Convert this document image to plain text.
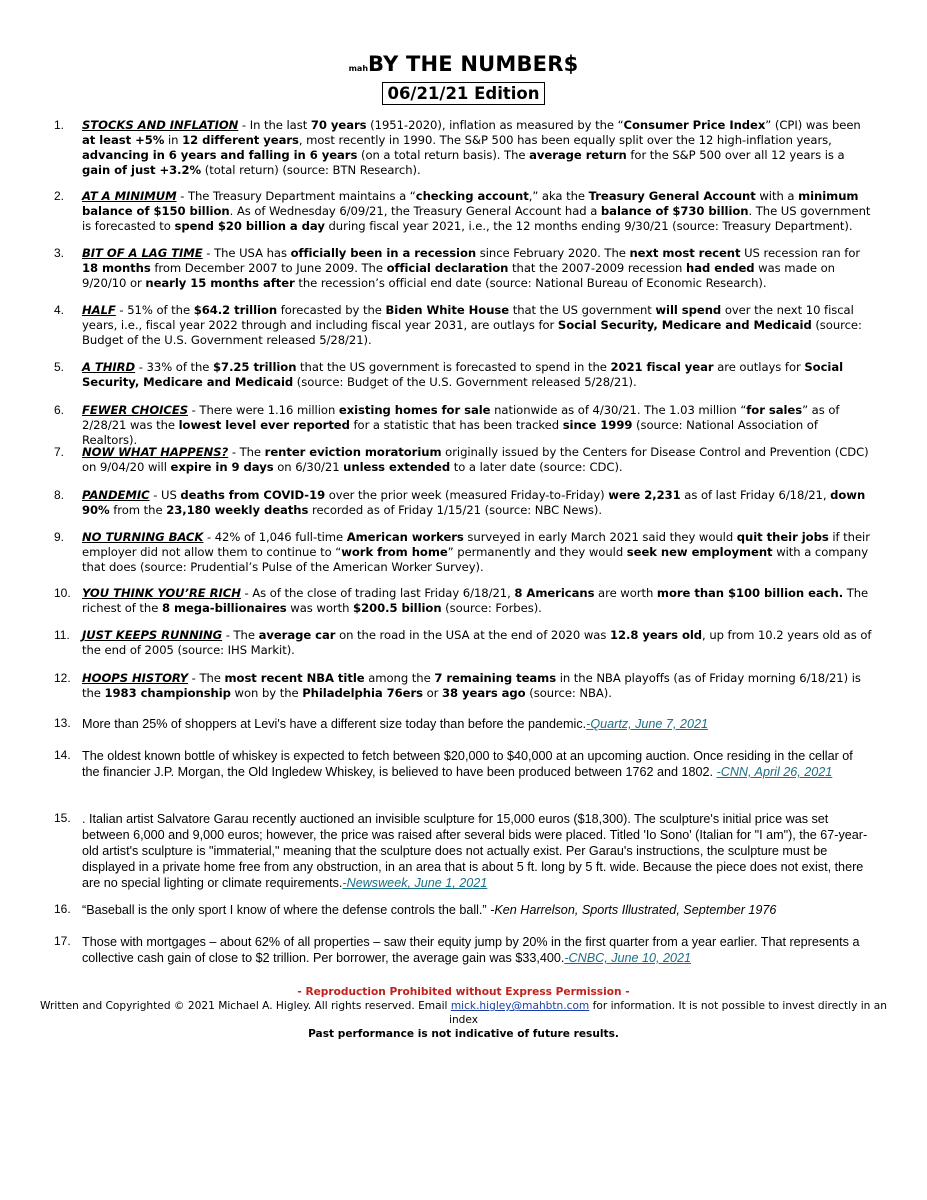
mahBY THE NUMBER$
06/21/21 Edition
1.	STOCKS AND INFLATION - In the last 70 years (1951-2020), inflation as measured by the “Consumer Price Index” (CPI) was been at least +5% in 12 different years, most recently in 1990. The S&P 500 has been equally split over the 12 high-inflation years, advancing in 6 years and falling in 6 years (on a total return basis). The average return for the S&P 500 over all 12 years is a gain of just +3.2% (total return) (source: BTN Research).
2.	AT A MINIMUM - The Treasury Department maintains a “checking account,” aka the Treasury General Account with a minimum balance of $150 billion. As of Wednesday 6/09/21, the Treasury General Account had a balance of $730 billion. The US government is forecasted to spend $20 billion a day during fiscal year 2021, i.e., the 12 months ending 9/30/21 (source: Treasury Department).
3.	BIT OF A LAG TIME - The USA has officially been in a recession since February 2020. The next most recent US recession ran for 18 months from December 2007 to June 2009. The official declaration that the 2007-2009 recession had ended was made on 9/20/10 or nearly 15 months after the recession’s official end date (source: National Bureau of Economic Research).
4.	HALF - 51% of the $64.2 trillion forecasted by the Biden White House that the US government will spend over the next 10 fiscal years, i.e., fiscal year 2022 through and including fiscal year 2031, are outlays for Social Security, Medicare and Medicaid (source: Budget of the U.S. Government released 5/28/21).
5.	A THIRD - 33% of the $7.25 trillion that the US government is forecasted to spend in the 2021 fiscal year are outlays for Social Security, Medicare and Medicaid (source: Budget of the U.S. Government released 5/28/21).
6.	FEWER CHOICES - There were 1.16 million existing homes for sale nationwide as of 4/30/21. The 1.03 million “for sales” as of 2/28/21 was the lowest level ever reported for a statistic that has been tracked since 1999 (source: National Association of Realtors).
7.	NOW WHAT HAPPENS? - The renter eviction moratorium originally issued by the Centers for Disease Control and Prevention (CDC) on 9/04/20 will expire in 9 days on 6/30/21 unless extended to a later date (source: CDC).
8.	PANDEMIC - US deaths from COVID-19 over the prior week (measured Friday-to-Friday) were 2,231 as of last Friday 6/18/21, down 90% from the 23,180 weekly deaths recorded as of Friday 1/15/21 (source: NBC News).
9.	NO TURNING BACK - 42% of 1,046 full-time American workers surveyed in early March 2021 said they would quit their jobs if their employer did not allow them to continue to “work from home” permanently and they would seek new employment with a company that does (source: Prudential’s Pulse of the American Worker Survey).
10. YOU THINK YOU’RE RICH - As of the close of trading last Friday 6/18/21, 8 Americans are worth more than $100 billion each. The richest of the 8 mega-billionaires was worth $200.5 billion (source: Forbes).
11.	JUST KEEPS RUNNING - The average car on the road in the USA at the end of 2020 was 12.8 years old, up from 10.2 years old as of the end of 2005 (source: IHS Markit).
12. HOOPS HISTORY - The most recent NBA title among the 7 remaining teams in the NBA playoffs (as of Friday morning 6/18/21) is the 1983 championship won by the Philadelphia 76ers or 38 years ago (source: NBA).
13. More than 25% of shoppers at Levi's have a different size today than before the pandemic.-Quartz, June 7, 2021
14. The oldest known bottle of whiskey is expected to fetch between $20,000 to $40,000 at an upcoming auction. Once residing in the cellar of the financier J.P. Morgan, the Old Ingledew Whiskey, is believed to have been produced between 1762 and 1802. -CNN, April 26, 2021
15. . Italian artist Salvatore Garau recently auctioned an invisible sculpture for 15,000 euros ($18,300). The sculpture's initial price was set between 6,000 and 9,000 euros; however, the price was raised after several bids were placed. Titled 'Io Sono' (Italian for "I am"), the 67-year-old artist's sculpture is "immaterial," meaning that the sculpture does not actually exist. Per Garau's instructions, the sculpture must be displayed in a private home free from any obstruction, in an area that is about 5 ft. long by 5 ft. wide. Because the piece does not exist, there are no special lighting or climate requirements.-Newsweek, June 1, 2021
16. “Baseball is the only sport I know of where the defense controls the ball.” -Ken Harrelson, Sports Illustrated, September 1976
17. Those with mortgages – about 62% of all properties – saw their equity jump by 20% in the first quarter from a year earlier. That represents a collective cash gain of close to $2 trillion. Per borrower, the average gain was $33,400.-CNBC, June 10, 2021
- Reproduction Prohibited without Express Permission -
Written and Copyrighted © 2021 Michael A. Higley. All rights reserved. Email mick.higley@mahbtn.com for information. It is not possible to invest directly in an index
Past performance is not indicative of future results.
